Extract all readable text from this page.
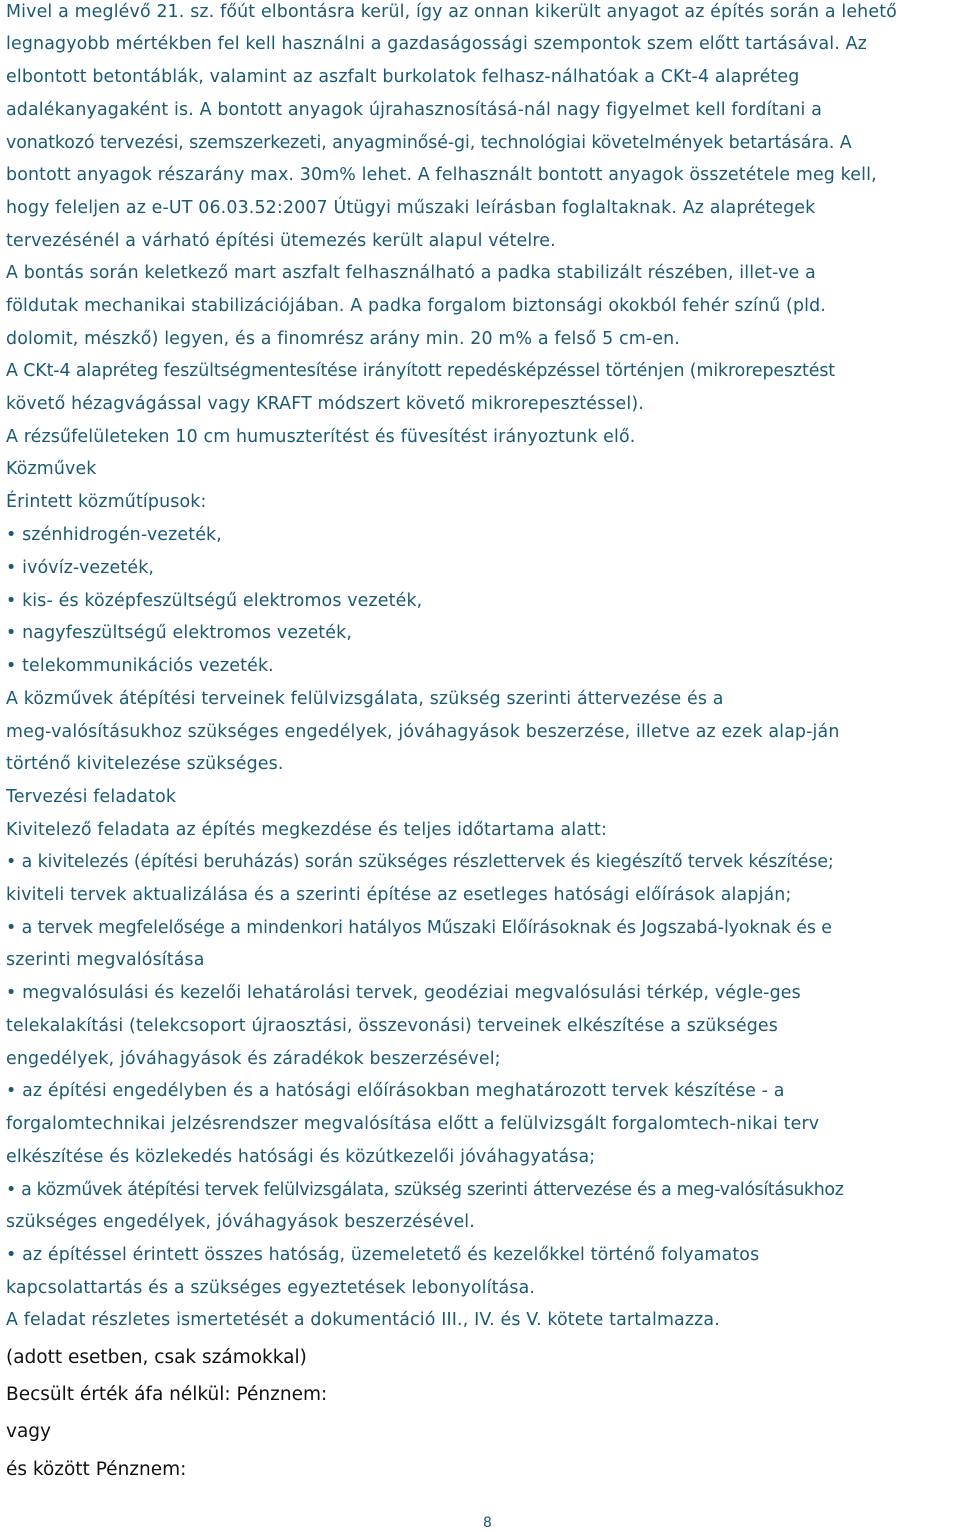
Mivel a meglévő 21. sz. főút elbontásra kerül, így az onnan kikerült anyagot az építés során a lehető
legnagyobb mértékben fel kell használni a gazdaságossági szempontok szem előtt tartásával. Az
elbontott betontáblák, valamint az aszfalt burkolatok felhasz-nálhatóak a CKt-4 alapréteg
adalékanyagaként is. A bontott anyagok újrahasznosításá-nál nagy figyelmet kell fordítani a
vonatkozó tervezési, szemszerkezeti, anyagminősé-gi, technológiai követelmények betartására. A
bontott anyagok részarány max. 30m% lehet. A felhasznált bontott anyagok összetétele meg kell,
hogy feleljen az e-UT 06.03.52:2007 Útügyi műszaki leírásban foglaltaknak. Az alaprétegek
tervezésénél a várható építési ütemezés került alapul vételre.
A bontás során keletkező mart aszfalt felhasználható a padka stabilizált részében, illet-ve a
földutak mechanikai stabilizációjában. A padka forgalom biztonsági okokból fehér színű (pld.
dolomit, mészkő) legyen, és a finomrész arány min. 20 m% a felső 5 cm-en.
A CKt-4 alapréteg feszültségmentesítése irányított repedésképzéssel történjen (mikrorepesztést
követő hézagvágással vagy KRAFT módszert követő mikrorepesztéssel).
A rézsűfelületeken 10 cm humuszterítést és füvesítést irányoztunk elő.
Közművek
Érintett közműtípusok:
• szénhidrogén-vezeték,
• ivóvíz-vezeték,
• kis- és középfeszültségű elektromos vezeték,
• nagyfeszültségű elektromos vezeték,
• telekommunikációs vezeték.
A közművek átépítési terveinek felülvizsgálata, szükség szerinti áttervezése és a
meg-valósításukhoz szükséges engedélyek, jóváhagyások beszerzése, illetve az ezek alap-ján
történő kivitelezése szükséges.
Tervezési feladatok
Kivitelező feladata az építés megkezdése és teljes időtartama alatt:
• a kivitelezés (építési beruházás) során szükséges részlettervek és kiegészítő tervek készítése;
kiviteli tervek aktualizálása és a szerinti építése az esetleges hatósági előírások alapján;
• a tervek megfelelősége a mindenkori hatályos Műszaki Előírásoknak és Jogszabá-lyoknak és e
szerinti megvalósítása
• megvalósulási és kezelői lehatárolási tervek, geodéziai megvalósulási térkép, végle-ges
telekalakítási (telekcsoport újraosztási, összevonási) terveinek elkészítése a szükséges
engedélyek, jóváhagyások és záradékok beszerzésével;
• az építési engedélyben és a hatósági előírásokban meghatározott tervek készítése - a
forgalomtechnikai jelzésrendszer megvalósítása előtt a felülvizsgált forgalomtech-nikai terv
elkészítése és közlekedés hatósági és közútkezelői jóváhagyatása;
• a közművek átépítési tervek felülvizsgálata, szükség szerinti áttervezése és a meg-valósításukhoz
szükséges engedélyek, jóváhagyások beszerzésével.
• az építéssel érintett összes hatóság, üzemeletető és kezelőkkel történő folyamatos
kapcsolattartás és a szükséges egyeztetések lebonyolítása.
A feladat részletes ismertetését a dokumentáció III., IV. és V. kötete tartalmazza.
(adott esetben, csak számokkal)
Becsült érték áfa nélkül: Pénznem:
vagy
és között Pénznem:
8
